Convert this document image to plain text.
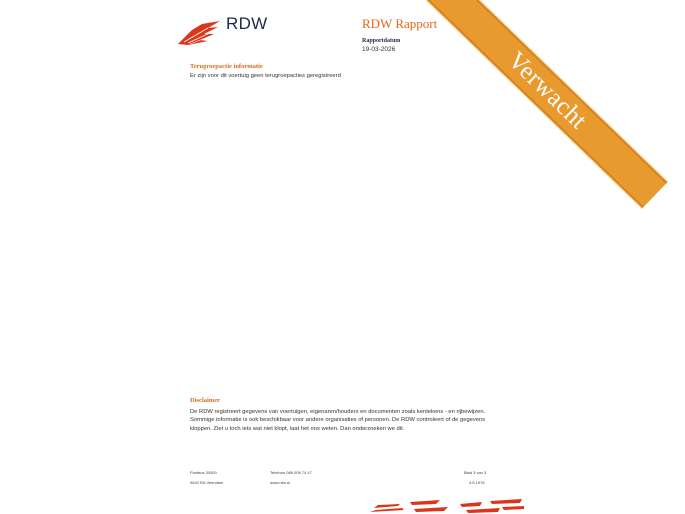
RDW	RDW Rapport
Rapportdatum
19-03-2026
Terugroepactie informatie
Er zijn voor dit voertuig geen terugroepacties geregistreerd
Disclaimer
De RDW registreert gegevens van voertuigen, eigenaren/houders en documenten zoals kentekens - en rijbewijzen. Sommige informatie is ook beschikbaar voor andere organisaties of personen. De RDW controleert of de gegevens kloppen. Ziet u toch iets wat niet klopt, laat het ons weten. Dan onderzoeken we dit.
Postbus 30000
9640 RA Veendam
Telefoon 088 008 74 47
www.rdw.nl
Blad 3 van 3
3.6 1978
Verwacht
